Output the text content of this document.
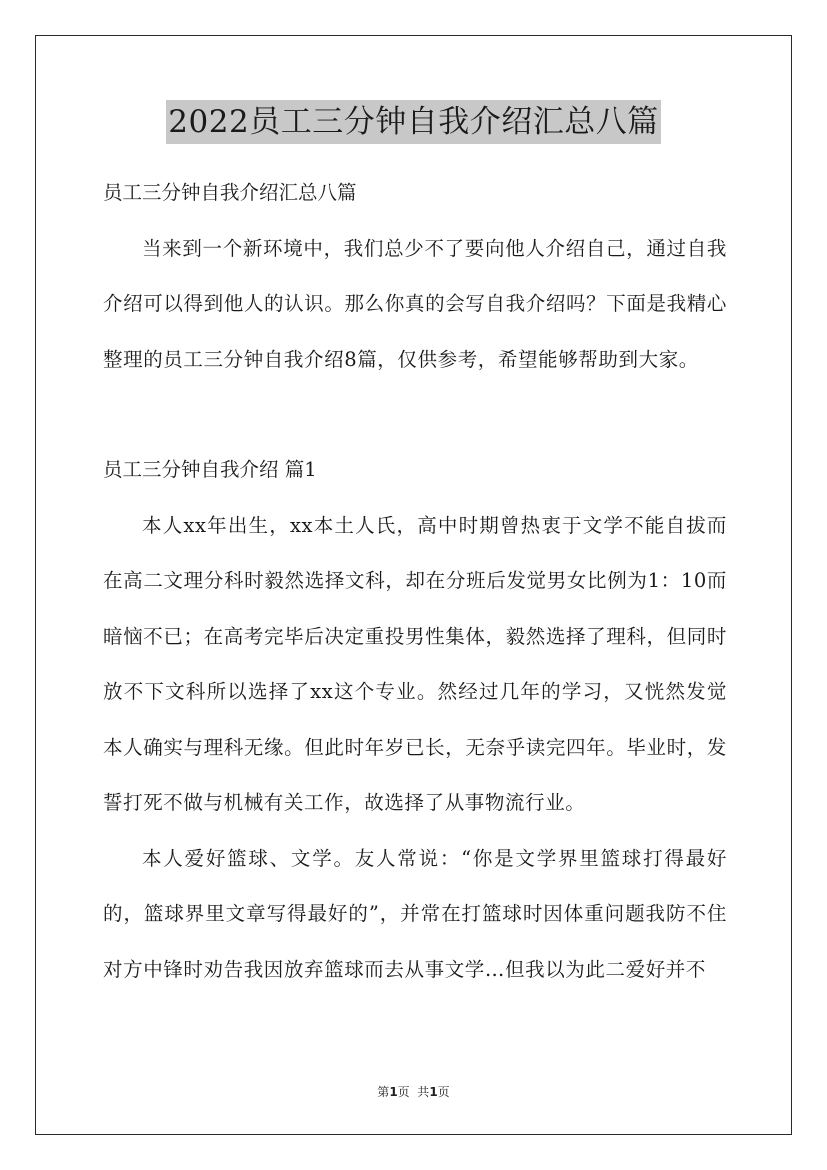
2022员工三分钟自我介绍汇总八篇

员工三分钟自我介绍汇总八篇

当来到一个新环境中，我们总少不了要向他人介绍自己，通过自我介绍可以得到他人的认识。那么你真的会写自我介绍吗？下面是我精心整理的员工三分钟自我介绍8篇，仅供参考，希望能够帮助到大家。

员工三分钟自我介绍 篇1

本人xx年出生，xx本土人氏，高中时期曾热衷于文学不能自拔而在高二文理分科时毅然选择文科，却在分班后发觉男女比例为1：10而暗恼不已；在高考完毕后决定重投男性集体，毅然选择了理科，但同时放不下文科所以选择了xx这个专业。然经过几年的学习，又恍然发觉本人确实与理科无缘。但此时年岁已长，无奈乎读完四年。毕业时，发誓打死不做与机械有关工作，故选择了从事物流行业。

本人爱好篮球、文学。友人常说：“你是文学界里篮球打得最好的，篮球界里文章写得最好的”，并常在打篮球时因体重问题我防不住对方中锋时劝告我因放弃篮球而去从事文学…但我以为此二爱好并不

第1页  共1页
